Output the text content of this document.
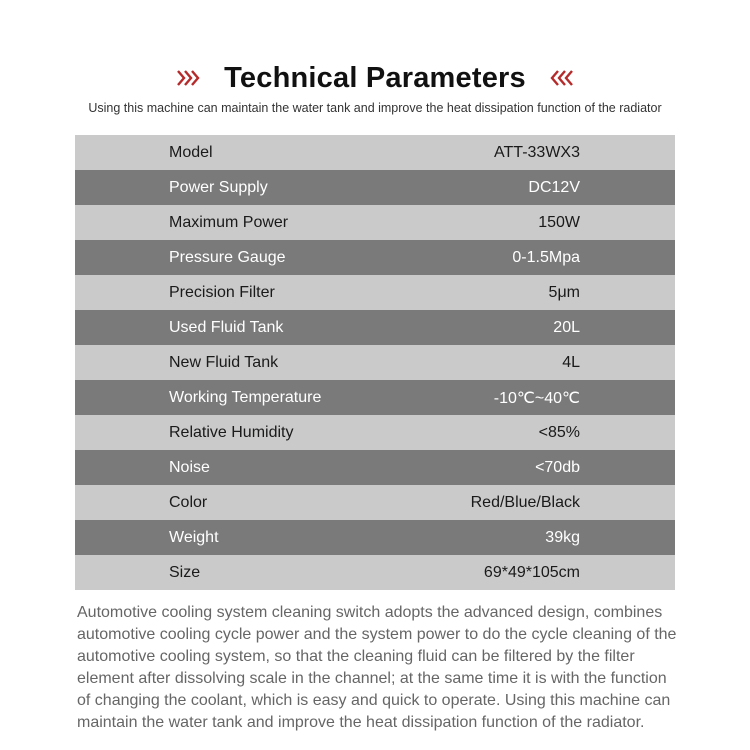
Technical Parameters
Using this machine can maintain the water tank and improve the heat dissipation function of the radiator
Model	ATT-33WX3
Power Supply	DC12V
Maximum Power	150W
Pressure Gauge	0-1.5Mpa
Precision Filter	5μm
Used Fluid Tank	20L
New Fluid Tank	4L
Working Temperature	-10℃~40℃
Relative Humidity	<85%
Noise	<70db
Color	Red/Blue/Black
Weight	39kg
Size	69*49*105cm
Automotive cooling system cleaning switch adopts the advanced design, combines automotive cooling cycle power and the system power to do the cycle cleaning of the automotive cooling system, so that the cleaning fluid can be filtered by the filter element after dissolving scale in the channel; at the same time it is with the function of changing the coolant, which is easy and quick to operate. Using this machine can maintain the water tank and improve the heat dissipation function of the radiator.
